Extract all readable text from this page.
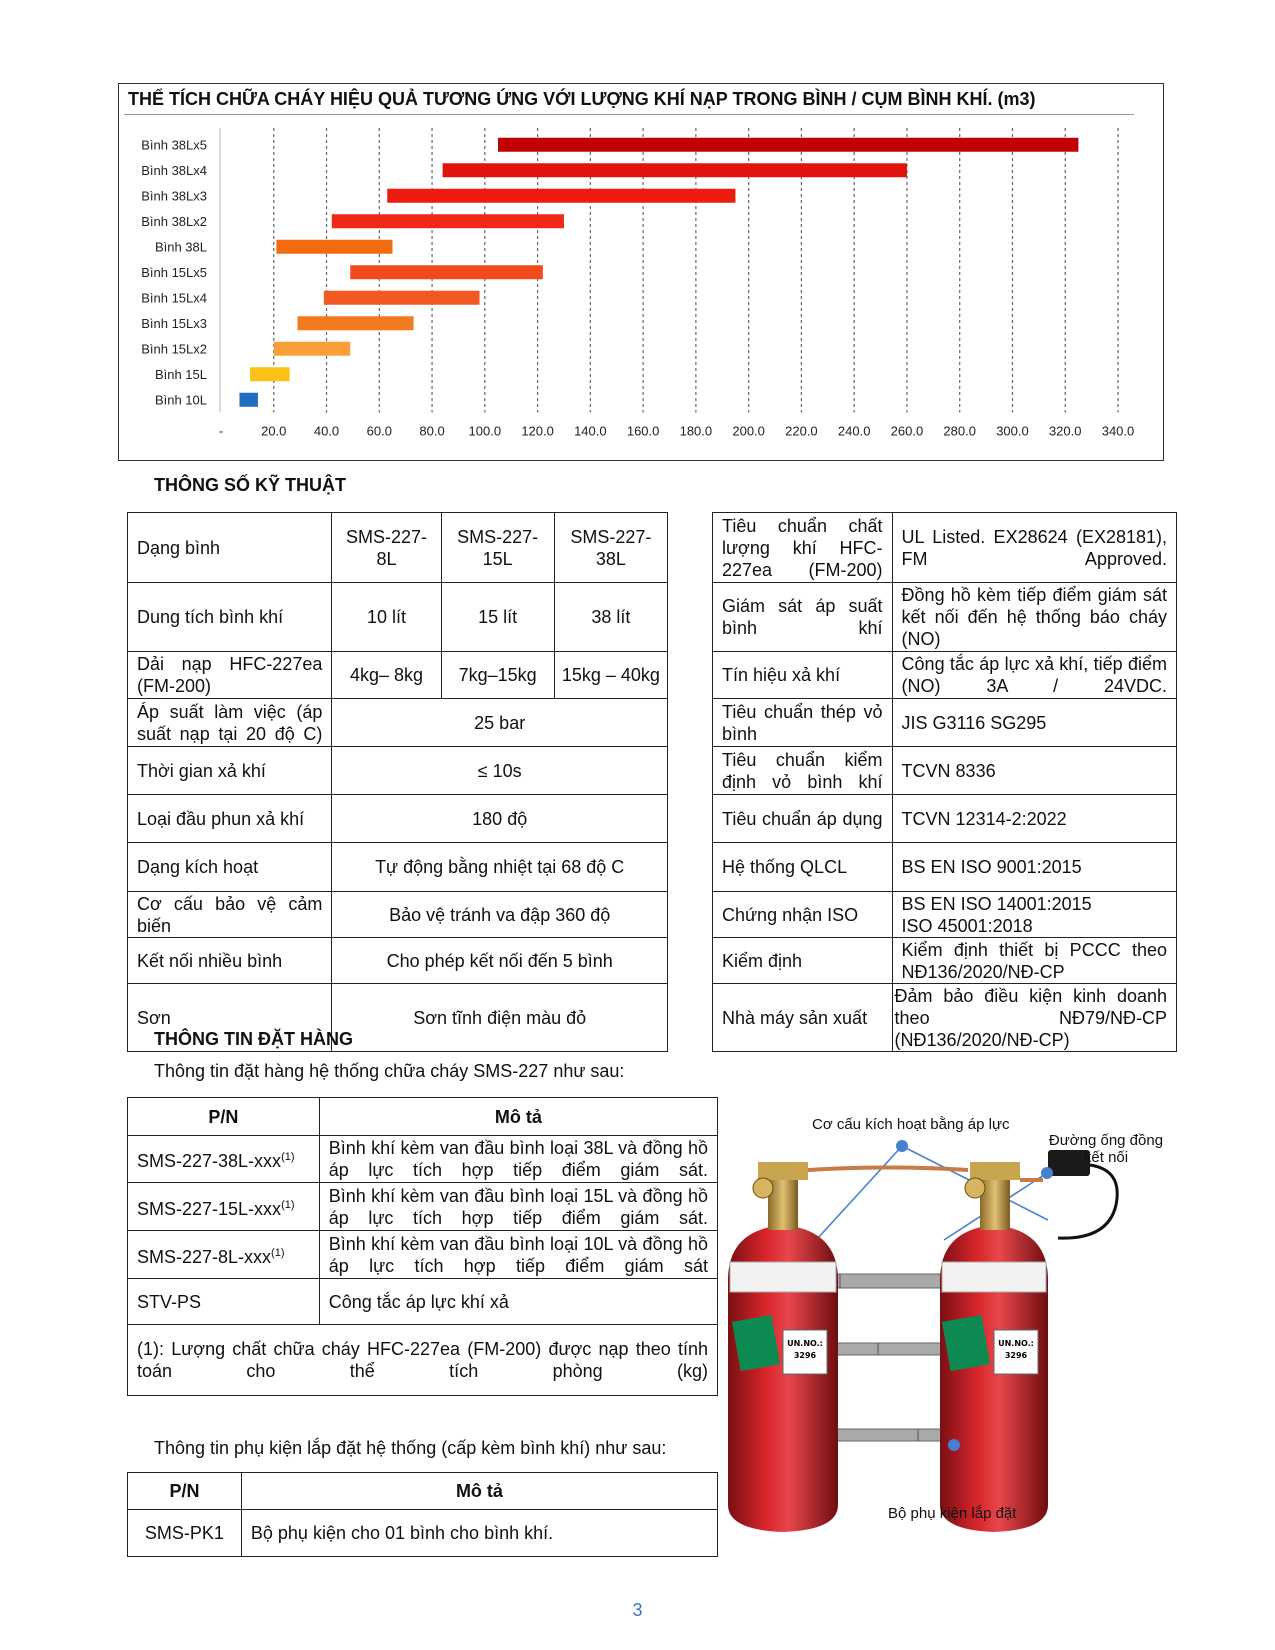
THỂ TÍCH CHỮA CHÁY HIỆU QUẢ TƯƠNG ỨNG VỚI LƯỢNG KHÍ NẠP TRONG BÌNH / CỤM BÌNH KHÍ. (m3)
Bình 38Lx5
Bình 38Lx4
Bình 38Lx3
Bình 38Lx2
Bình 38L
Bình 15Lx5
Bình 15Lx4
Bình 15Lx3
Bình 15Lx2
Bình 15L
Bình 10L
-	20.0 40.0 60.0 80.0 100.0 120.0 140.0 160.0 180.0 200.0 220.0 240.0 260.0 280.0 300.0 320.0 340.0
THÔNG SỐ KỸ THUẬT
Dạng bình	SMS-227-8L	SMS-227-15L	SMS-227-38L
Dung tích bình khí	10 lít	15 lít	38 lít
Dải nạp HFC-227ea (FM-200)	4kg– 8kg	7kg–15kg	15kg – 40kg
Áp suất làm việc (áp suất nạp tại 20 độ C)	25 bar		
Thời gian xả khí	≤ 10s		
Loại đầu phun xả khí	180 độ		
Dạng kích hoạt	Tự động bằng nhiệt tại 68 độ C		
Cơ cấu bảo vệ cảm biến	Bảo vệ tránh va đập 360 độ		
Kết nối nhiều bình	Cho phép kết nối đến 5 bình		
Sơn	Sơn tĩnh điện màu đỏ		
Tiêu chuẩn chất lượng khí HFC-227ea (FM-200)	UL Listed. EX28624 (EX28181), FM Approved.
Giám sát áp suất bình khí	Đồng hồ kèm tiếp điểm giám sát kết nối đến hệ thống báo cháy (NO)
Tín hiệu xả khí	Công tắc áp lực xả khí, tiếp điểm (NO) 3A / 24VDC.
Tiêu chuẩn thép vỏ bình	JIS G3116 SG295
Tiêu chuẩn kiểm định vỏ bình khí	TCVN 8336
Tiêu chuẩn áp dụng	TCVN 12314-2:2022
Hệ thống QLCL	BS EN ISO 9001:2015
Chứng nhận ISO	BS EN ISO 14001:2015
ISO 45001:2018

Kiểm định	Kiểm định thiết bị PCCC theo NĐ136/2020/NĐ-CP
Nhà máy sản xuất	Đảm bảo điều kiện kinh doanh theo NĐ79/NĐ-CP (NĐ136/2020/NĐ-CP)
THÔNG TIN ĐẶT HÀNG
Thông tin đặt hàng hệ thống chữa cháy SMS-227 như sau:
P/N	Mô tả
SMS-227-38L-xxx$^{(1)}$	Bình khí kèm van đầu bình loại 38L và đồng hồ áp lực tích hợp tiếp điểm giám sát.
SMS-227-15L-xxx$^{(1)}$	Bình khí kèm van đầu bình loại 15L và đồng hồ áp lực tích hợp tiếp điểm giám sát.
SMS-227-8L-xxx$^{(1)}$	Bình khí kèm van đầu bình loại 10L và đồng hồ áp lực tích hợp tiếp điểm giám sát
STV-PS	Công tắc áp lực khí xả
(1): Lượng chất chữa cháy HFC-227ea (FM-200) được nạp theo tính toán cho thể tích phòng (kg)	
Thông tin phụ kiện lắp đặt hệ thống (cấp kèm bình khí) như sau:
P/N	Mô tả
SMS-PK1	Bộ phụ kiện cho 01 bình cho bình khí.
UN.NO.:
3296
UN.NO.:
3296
Cơ cấu kích hoạt bằng áp lực
Đường ống đồng kết nối
Bộ phụ kiện lắp đặt
3
